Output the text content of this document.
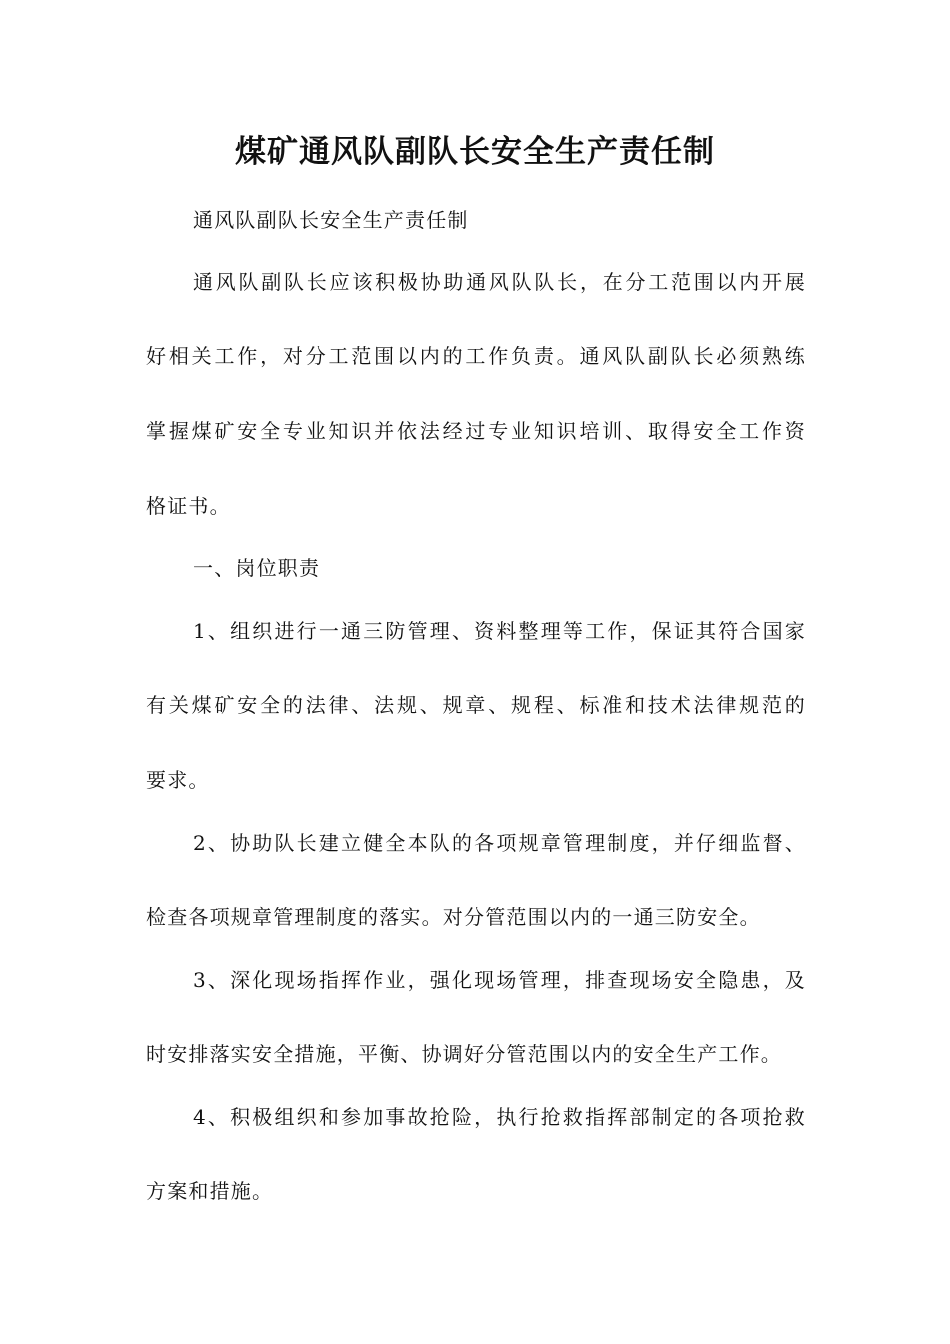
煤矿通风队副队长安全生产责任制

通风队副队长安全生产责任制

通风队副队长应该积极协助通风队队长，在分工范围以内开展

好相关工作，对分工范围以内的工作负责。通风队副队长必须熟练

掌握煤矿安全专业知识并依法经过专业知识培训、取得安全工作资

格证书。

一、岗位职责

1、组织进行一通三防管理、资料整理等工作，保证其符合国家

有关煤矿安全的法律、法规、规章、规程、标准和技术法律规范的

要求。

2、协助队长建立健全本队的各项规章管理制度，并仔细监督、

检查各项规章管理制度的落实。对分管范围以内的一通三防安全。

3、深化现场指挥作业，强化现场管理，排查现场安全隐患，及

时安排落实安全措施，平衡、协调好分管范围以内的安全生产工作。

4、积极组织和参加事故抢险，执行抢救指挥部制定的各项抢救

方案和措施。
